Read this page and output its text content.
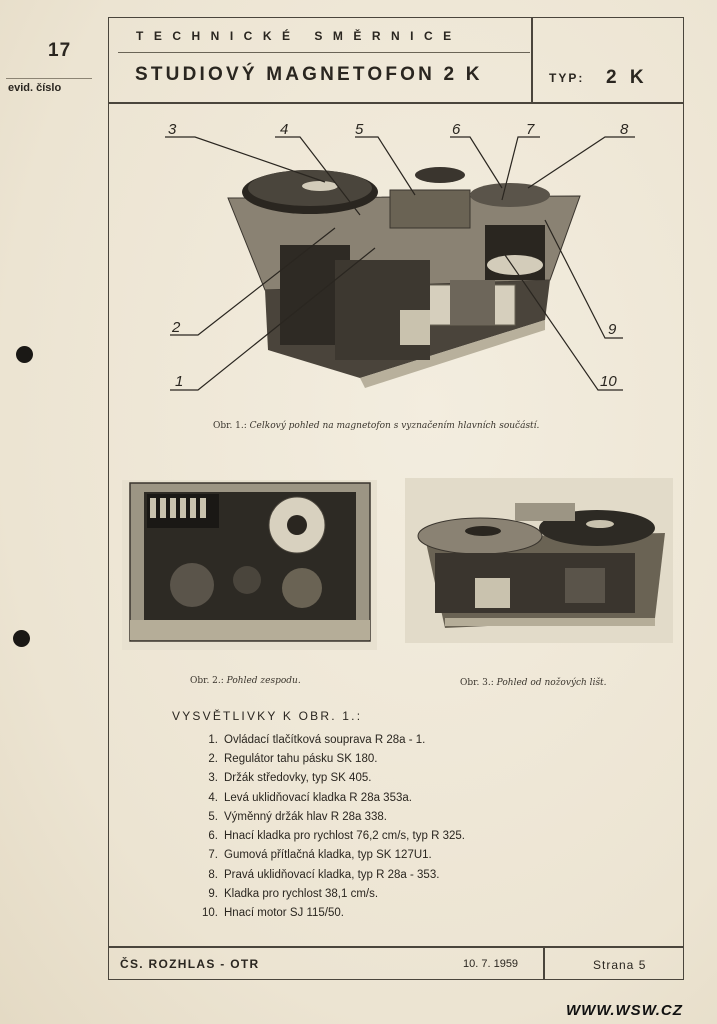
17
evid. číslo
TECHNICKÉ SMĚRNICE
STUDIOVÝ MAGNETOFON 2 K	TYP: 2 K
3	4	5	6	7	8
2
1
9
10
Obr. 1.: Celkový pohled na magnetofon s vyznačením hlavních součástí.
Obr. 2.: Pohled zespodu.	Obr. 3.: Pohled od nožových lišt.
VYSVĚTLIVKY K OBR. 1.:
1. Ovládací tlačítková souprava R 28a - 1.
2. Regulátor tahu pásku SK 180.
3. Držák středovky, typ SK 405.
4. Levá uklidňovací kladka R 28a 353a.
5. Výměnný držák hlav R 28a 338.
6. Hnací kladka pro rychlost 76,2 cm/s, typ R 325.
7. Gumová přítlačná kladka, typ SK 127U1.
8. Pravá uklidňovací kladka, typ R 28a - 353.
9. Kladka pro rychlost 38,1 cm/s.
10. Hnací motor SJ 115/50.
ČS. ROZHLAS - OTR	10. 7. 1959	Strana 5
WWW.WSW.CZ
